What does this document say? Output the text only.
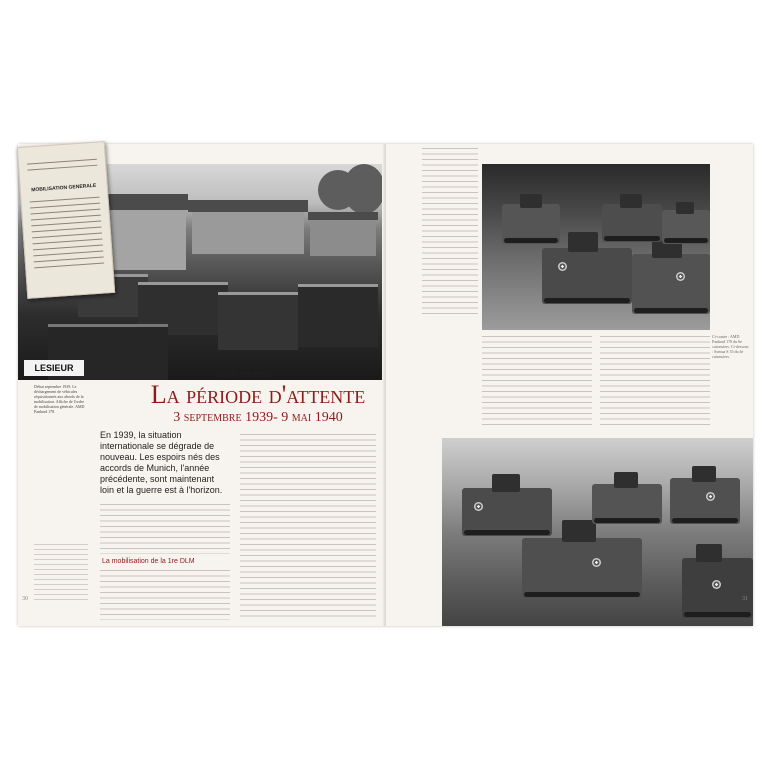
LESIEUR
MOBILISATION GENERALE
Début septembre 1939. Le déchargement de véhicules réquisitionnés aux abords de la mobilisation. Affiche de l'ordre de mobilisation générale. AMD Panhard 178.
CHAPITRE DEUX
La période d'attente
3 septembre 1939- 9 mai 1940
En 1939, la situation internationale se dégrade de nouveau. Les espoirs nés des accords de Munich, l'année précédente, sont maintenant loin et la guerre est à l'horizon.
La mobilisation de la 1re DLM
30
Ci-contre : AMD Panhard 178 du 6e cuirassiers. Ci-dessous : Somua S 35 du 4e cuirassiers.
31
